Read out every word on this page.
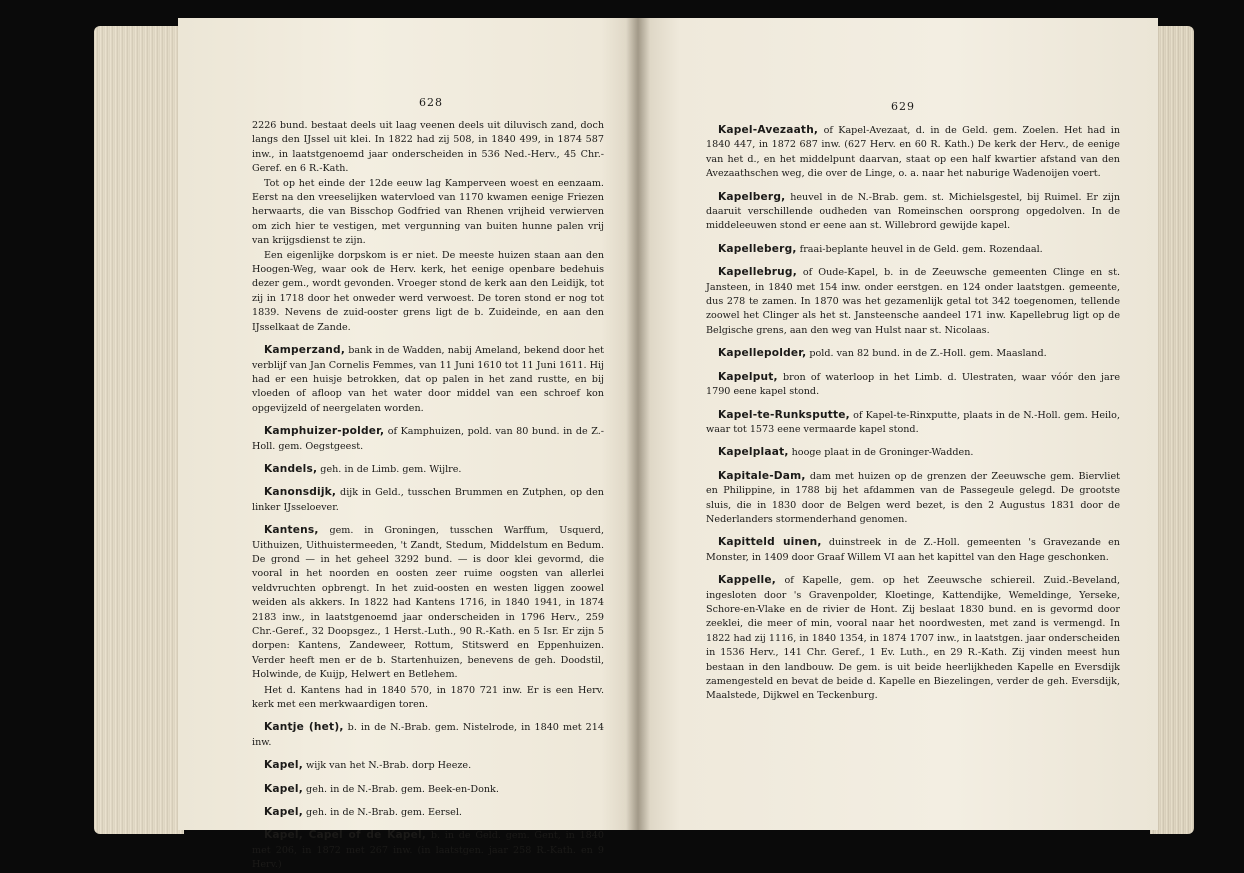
628

2226 bund. bestaat deels uit laag veenen deels uit diluvisch zand, doch langs den IJssel uit klei. In 1822 had zij 508, in 1840 499, in 1874 587 inw., in laatstgenoemd jaar onderscheiden in 536 Ned.-Herv., 45 Chr.-Geref. en 6 R.-Kath.

Tot op het einde der 12de eeuw lag Kamperveen woest en eenzaam. Eerst na den vreeselijken watervloed van 1170 kwamen eenige Friezen herwaarts, die van Bisschop Godfried van Rhenen vrijheid verwierven om zich hier te vestigen, met vergunning van buiten hunne palen vrij van krijgsdienst te zijn.

Een eigenlijke dorpskom is er niet. De meeste huizen staan aan den Hoogen-Weg, waar ook de Herv. kerk, het eenige openbare bedehuis dezer gem., wordt gevonden. Vroeger stond de kerk aan den Leidijk, tot zij in 1718 door het onweder werd verwoest. De toren stond er nog tot 1839. Nevens de zuid-ooster grens ligt de b. Zuideinde, en aan den IJsselkaat de Zande.

Kamperzand, bank in de Wadden, nabij Ameland, bekend door het verblijf van Jan Cornelis Femmes, van 11 Juni 1610 tot 11 Juni 1611. Hij had er een huisje betrokken, dat op palen in het zand rustte, en bij vloeden of afloop van het water door middel van een schroef kon opgevijzeld of neergelaten worden.

Kamphuizer-polder, of Kamphuizen, pold. van 80 bund. in de Z.-Holl. gem. Oegstgeest.

Kandels, geh. in de Limb. gem. Wijlre.

Kanonsdijk, dijk in Geld., tusschen Brummen en Zutphen, op den linker IJsseloever.

Kantens, gem. in Groningen, tusschen Warffum, Usquerd, Uithuizen, Uithuistermeeden, 't Zandt, Stedum, Middelstum en Bedum. De grond — in het geheel 3292 bund. — is door klei gevormd, die vooral in het noorden en oosten zeer ruime oogsten van allerlei veldvruchten opbrengt. In het zuid-oosten en westen liggen zoowel weiden als akkers. In 1822 had Kantens 1716, in 1840 1941, in 1874 2183 inw., in laatstgenoemd jaar onderscheiden in 1796 Herv., 259 Chr.-Geref., 32 Doopsgez., 1 Herst.-Luth., 90 R.-Kath. en 5 Isr. Er zijn 5 dorpen: Kantens, Zandeweer, Rottum, Stitswerd en Eppenhuizen. Verder heeft men er de b. Startenhuizen, benevens de geh. Doodstil, Holwinde, de Kuijp, Helwert en Betlehem.

Het d. Kantens had in 1840 570, in 1870 721 inw. Er is een Herv. kerk met een merkwaardigen toren.

Kantje (het), b. in de N.-Brab. gem. Nistelrode, in 1840 met 214 inw.

Kapel, wijk van het N.-Brab. dorp Heeze.

Kapel, geh. in de N.-Brab. gem. Beek-en-Donk.

Kapel, geh. in de N.-Brab. gem. Eersel.

Kapel, Capel of de Kapel, b. in de Geld. gem. Gent, in 1840 met 206, in 1872 met 267 inw. (in laatstgen. jaar 258 R.-Kath. en 9 Herv.)

629

Kapel-Avezaath, of Kapel-Avezaat, d. in de Geld. gem. Zoelen. Het had in 1840 447, in 1872 687 inw. (627 Herv. en 60 R. Kath.) De kerk der Herv., de eenige van het d., en het middelpunt daarvan, staat op een half kwartier afstand van den Avezaathschen weg, die over de Linge, o. a. naar het naburige Wadenoijen voert.

Kapelberg, heuvel in de N.-Brab. gem. st. Michielsgestel, bij Ruimel. Er zijn daaruit verschillende oudheden van Romeinschen oorsprong opgedolven. In de middeleeuwen stond er eene aan st. Willebrord gewijde kapel.

Kapelleberg, fraai-beplante heuvel in de Geld. gem. Rozendaal.

Kapellebrug, of Oude-Kapel, b. in de Zeeuwsche gemeenten Clinge en st. Jansteen, in 1840 met 154 inw. onder eerstgen. en 124 onder laatstgen. gemeente, dus 278 te zamen. In 1870 was het gezamenlijk getal tot 342 toegenomen, tellende zoowel het Clinger als het st. Jansteensche aandeel 171 inw. Kapellebrug ligt op de Belgische grens, aan den weg van Hulst naar st. Nicolaas.

Kapellepolder, pold. van 82 bund. in de Z.-Holl. gem. Maasland.

Kapelput, bron of waterloop in het Limb. d. Ulestraten, waar vóór den jare 1790 eene kapel stond.

Kapel-te-Runksputte, of Kapel-te-Rinxputte, plaats in de N.-Holl. gem. Heilo, waar tot 1573 eene vermaarde kapel stond.

Kapelplaat, hooge plaat in de Groninger-Wadden.

Kapitale-Dam, dam met huizen op de grenzen der Zeeuwsche gem. Biervliet en Philippine, in 1788 bij het afdammen van de Passegeule gelegd. De grootste sluis, die in 1830 door de Belgen werd bezet, is den 2 Augustus 1831 door de Nederlanders stormenderhand genomen.

Kapitteld uinen, duinstreek in de Z.-Holl. gemeenten 's Gravezande en Monster, in 1409 door Graaf Willem VI aan het kapittel van den Hage geschonken.

Kappelle, of Kapelle, gem. op het Zeeuwsche schiereil. Zuid.-Beveland, ingesloten door 's Gravenpolder, Kloetinge, Kattendijke, Wemeldinge, Yerseke, Schore-en-Vlake en de rivier de Hont. Zij beslaat 1830 bund. en is gevormd door zeeklei, die meer of min, vooral naar het noordwesten, met zand is vermengd. In 1822 had zij 1116, in 1840 1354, in 1874 1707 inw., in laatstgen. jaar onderscheiden in 1536 Herv., 141 Chr. Geref., 1 Ev. Luth., en 29 R.-Kath. Zij vinden meest hun bestaan in den landbouw. De gem. is uit beide heerlijkheden Kapelle en Eversdijk zamengesteld en bevat de beide d. Kapelle en Biezelingen, verder de geh. Eversdijk, Maalstede, Dijkwel en Teckenburg.
